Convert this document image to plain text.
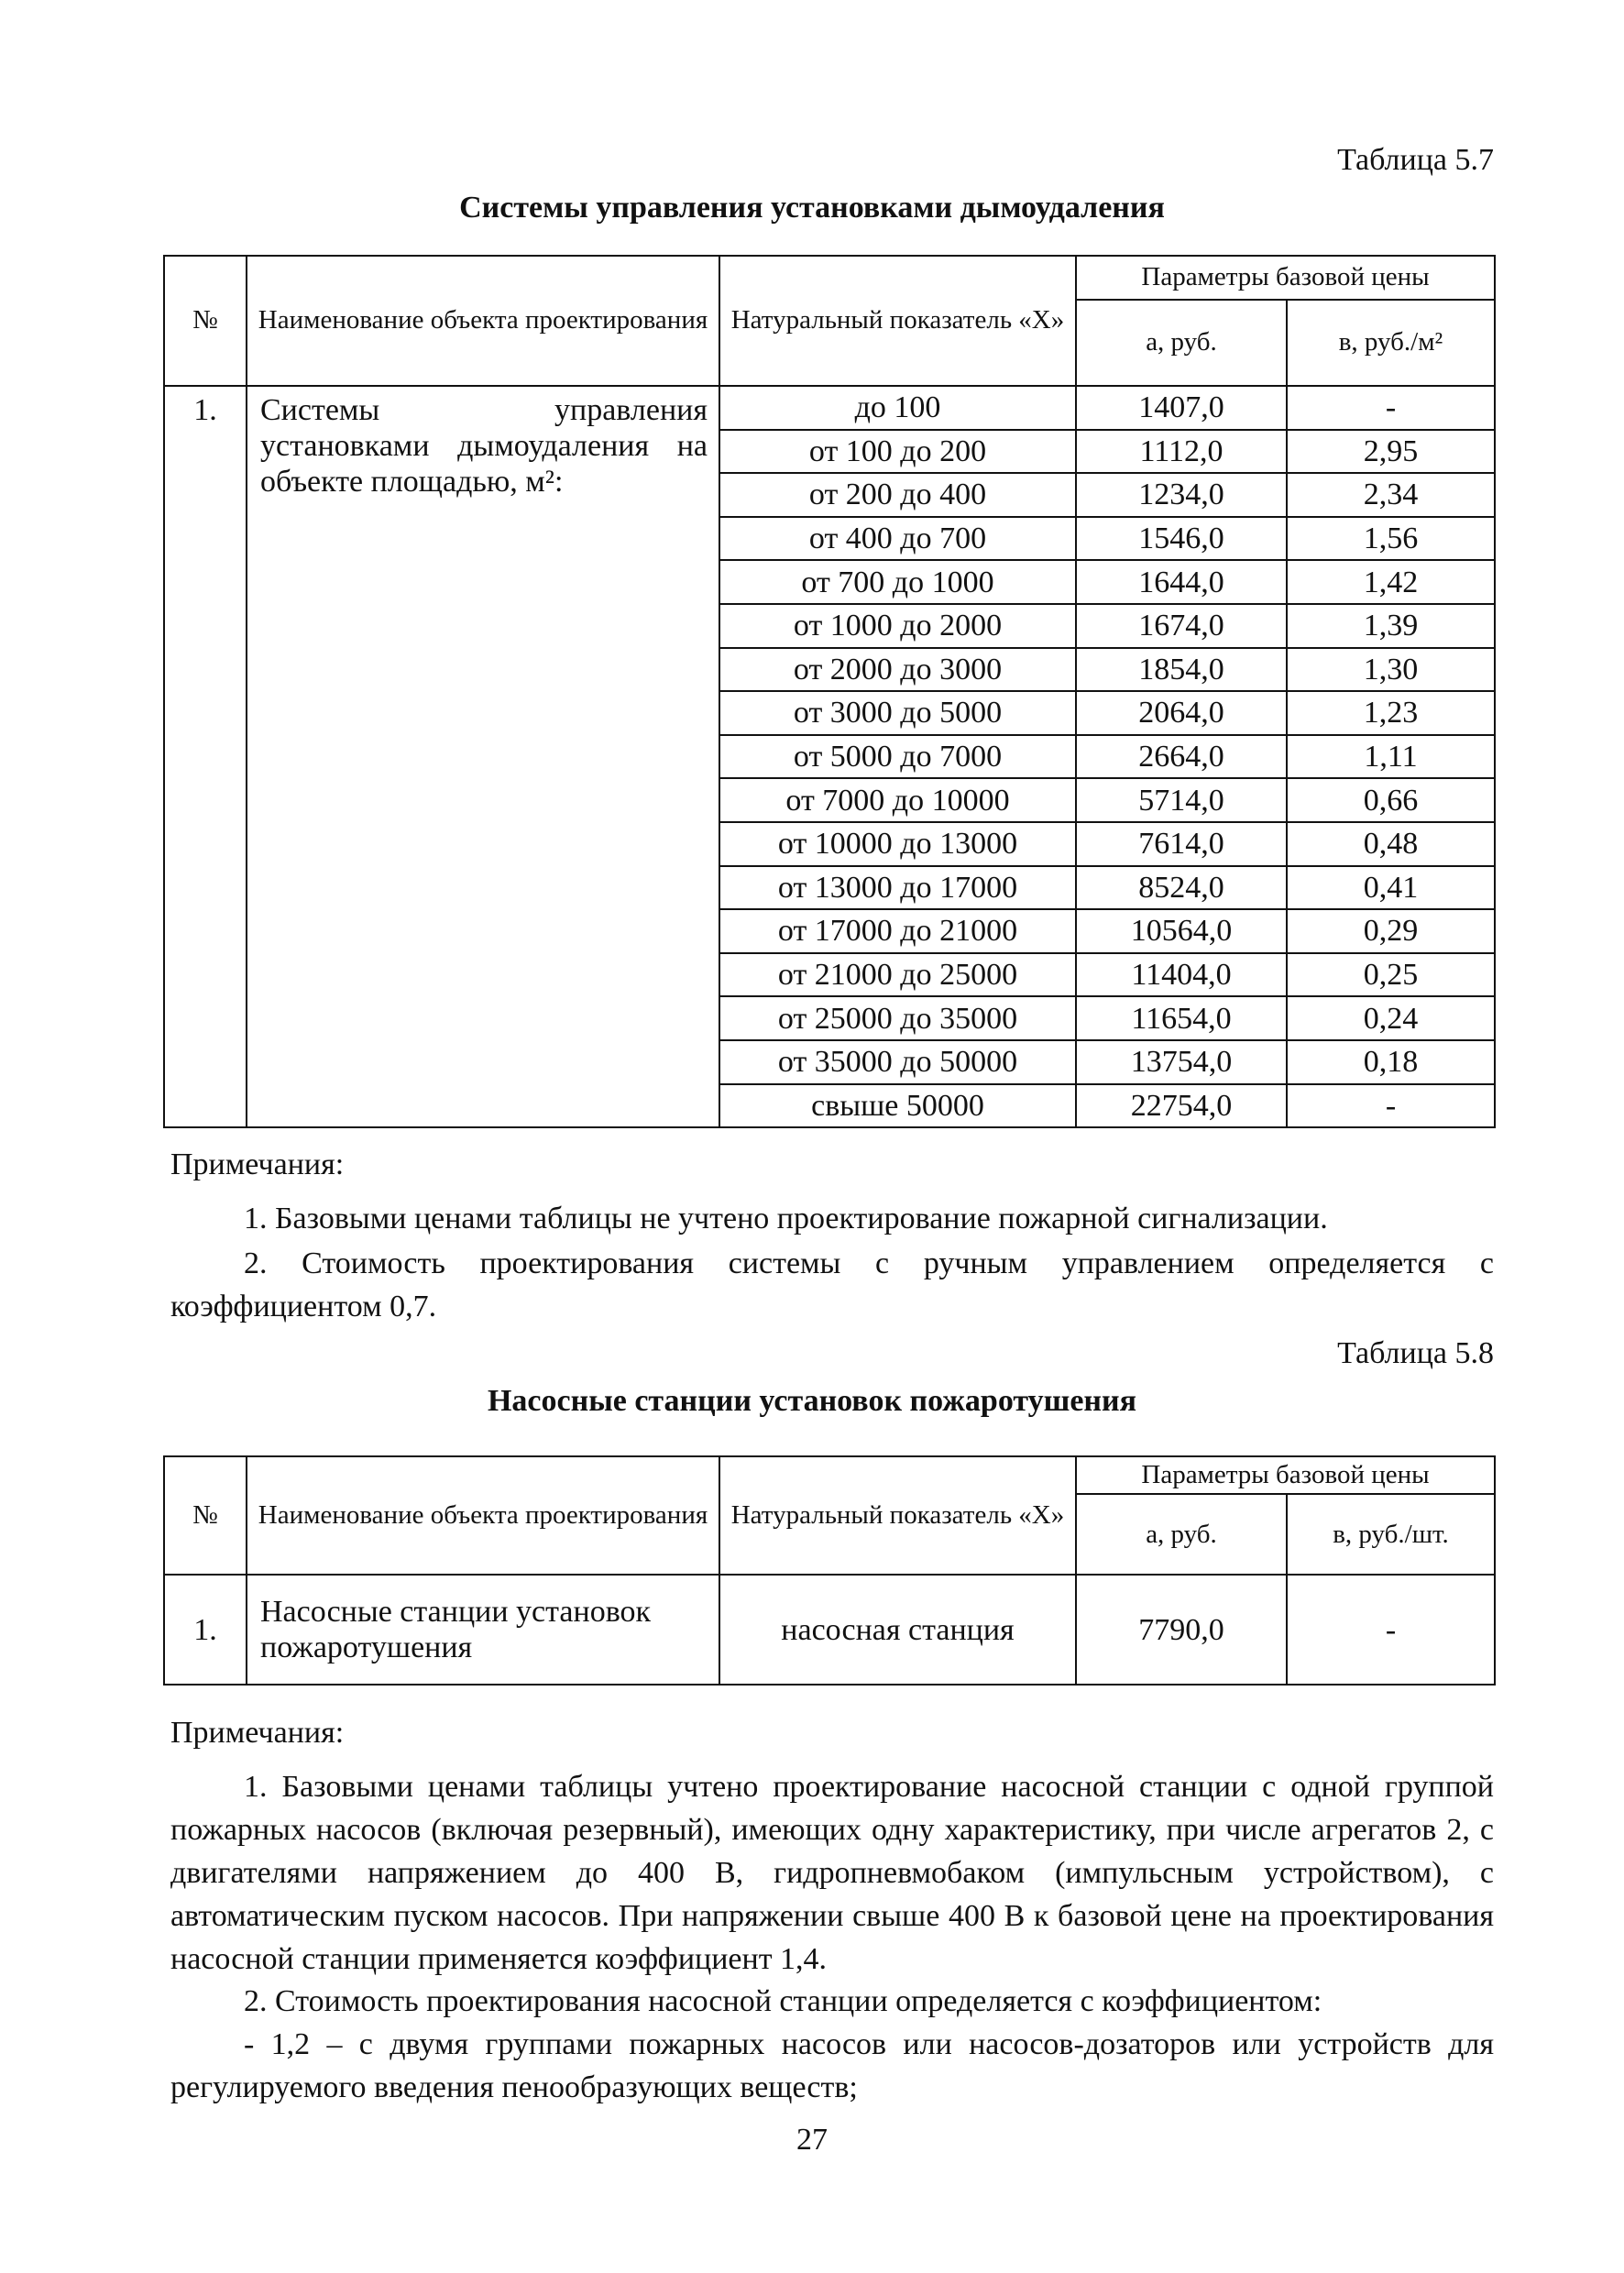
Таблица 5.7
Системы управления установками дымоудаления
№	Наименование объекта проектирования	Натуральный показатель «X»	Параметры базовой цены	
			а, руб.	в, руб./м²
1.	Системы управления установками дымоудаления на объекте площадью, м²:	до 100	1407,0	-
		от 100 до 200	1112,0	2,95
		от 200 до 400	1234,0	2,34
		от 400 до 700	1546,0	1,56
		от 700 до 1000	1644,0	1,42
		от 1000 до 2000	1674,0	1,39
		от 2000 до 3000	1854,0	1,30
		от 3000 до 5000	2064,0	1,23
		от 5000 до 7000	2664,0	1,11
		от 7000 до 10000	5714,0	0,66
		от 10000 до 13000	7614,0	0,48
		от 13000 до 17000	8524,0	0,41
		от 17000 до 21000	10564,0	0,29
		от 21000 до 25000	11404,0	0,25
		от 25000 до 35000	11654,0	0,24
		от 35000 до 50000	13754,0	0,18
		свыше 50000	22754,0	-
Примечания:
1. Базовыми ценами таблицы не учтено проектирование пожарной сигнализации.
2. Стоимость проектирования системы с ручным управлением определяется с коэффициентом 0,7.
Таблица 5.8
Насосные станции установок пожаротушения
№	Наименование объекта проектирования	Натуральный показатель «X»	Параметры базовой цены	
			а, руб.	в, руб./шт.
1.	Насосные станции установок пожаротушения	насосная станция	7790,0	-
Примечания:
1. Базовыми ценами таблицы учтено проектирование насосной станции с одной группой пожарных насосов (включая резервный), имеющих одну характеристику, при числе агрегатов 2, с двигателями напряжением до 400 В, гидропневмобаком (импульсным устройством), с автоматическим пуском насосов. При напряжении свыше 400 В к базовой цене на проектирования насосной станции применяется коэффициент 1,4.
2. Стоимость проектирования насосной станции определяется с коэффициентом:
- 1,2 – с двумя группами пожарных насосов или насосов-дозаторов или устройств для регулируемого введения пенообразующих веществ;
27
